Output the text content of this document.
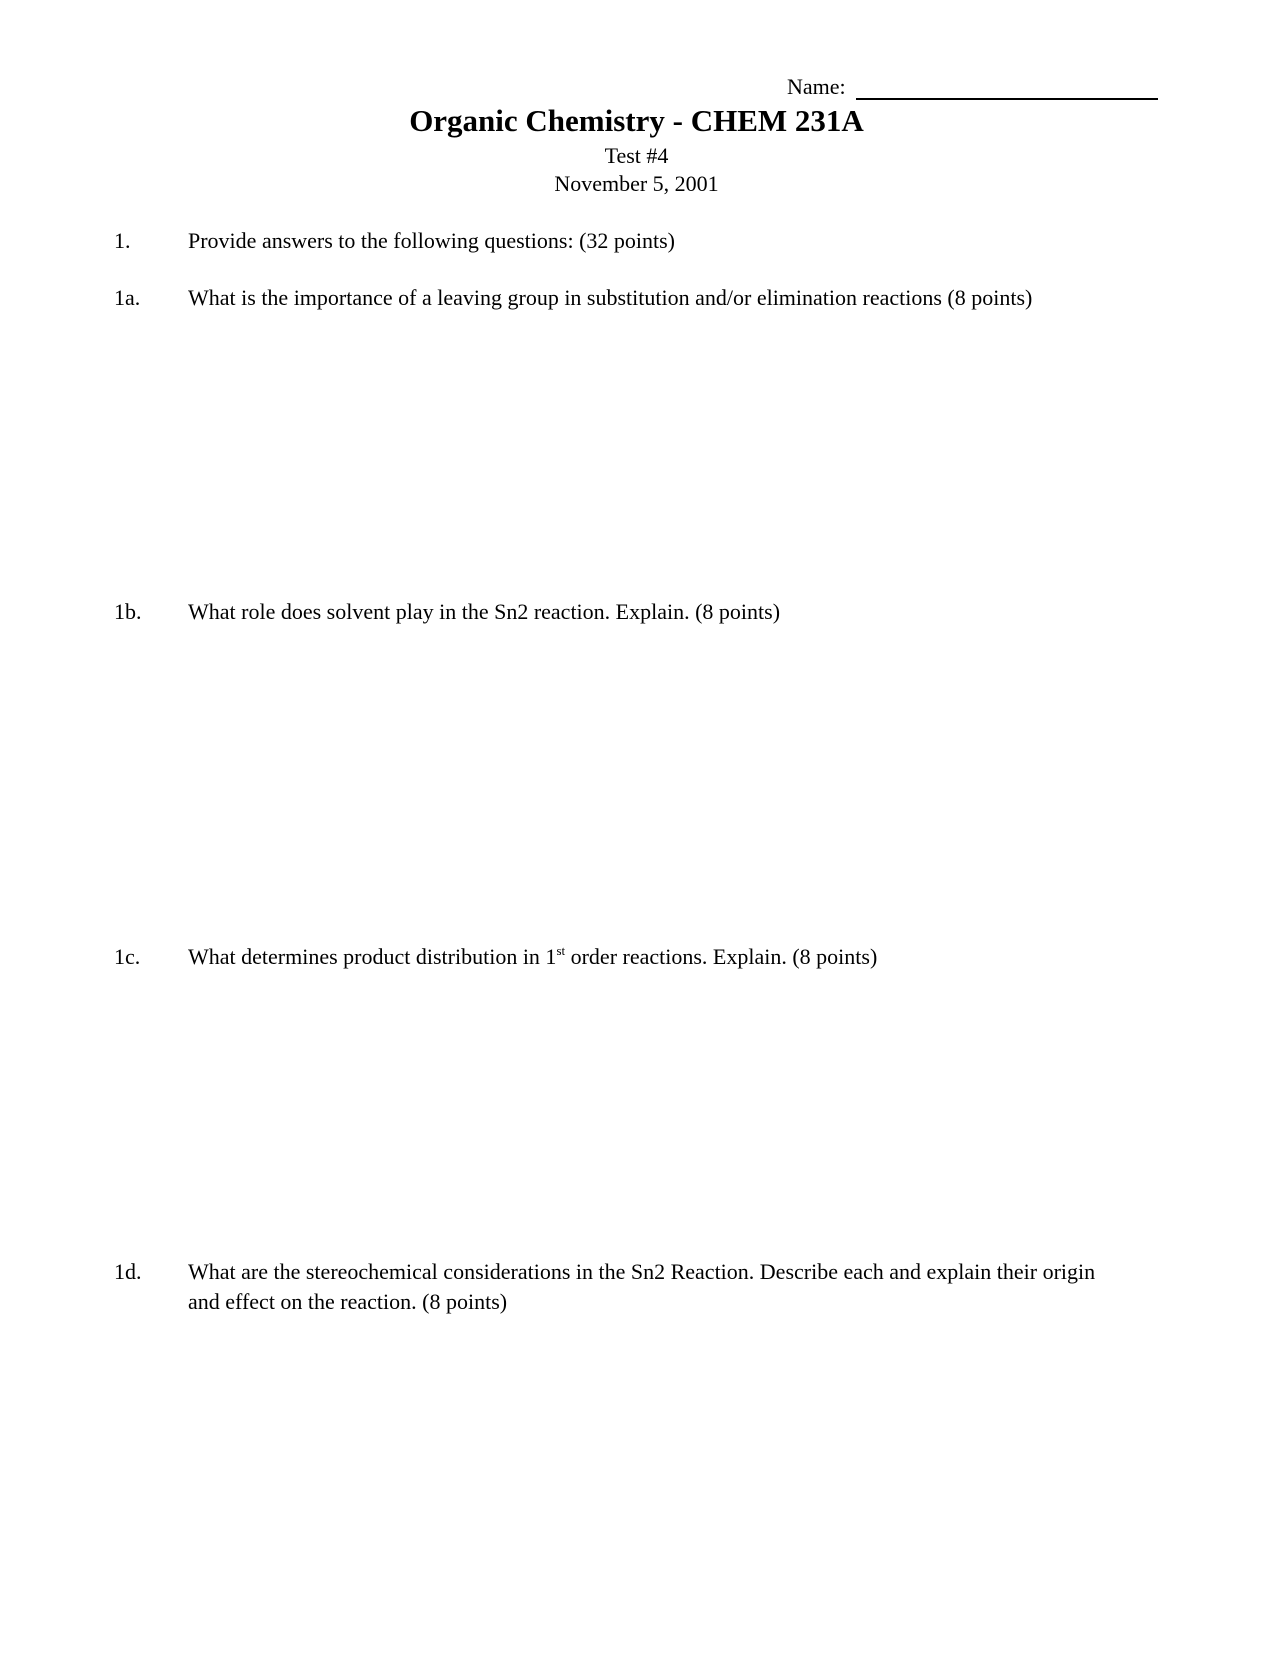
Name:
Organic Chemistry - CHEM 231A
Test #4
November 5, 2001
1.	Provide answers to the following questions: (32 points)
1a. What is the importance of a leaving group in substitution and/or elimination reactions (8 points)
1b. What role does solvent play in the Sn2 reaction. Explain. (8 points)
1c. What determines product distribution in 1st order reactions. Explain. (8 points)
1d. What are the stereochemical considerations in the Sn2 Reaction. Describe each and explain their origin and effect on the reaction. (8 points)
